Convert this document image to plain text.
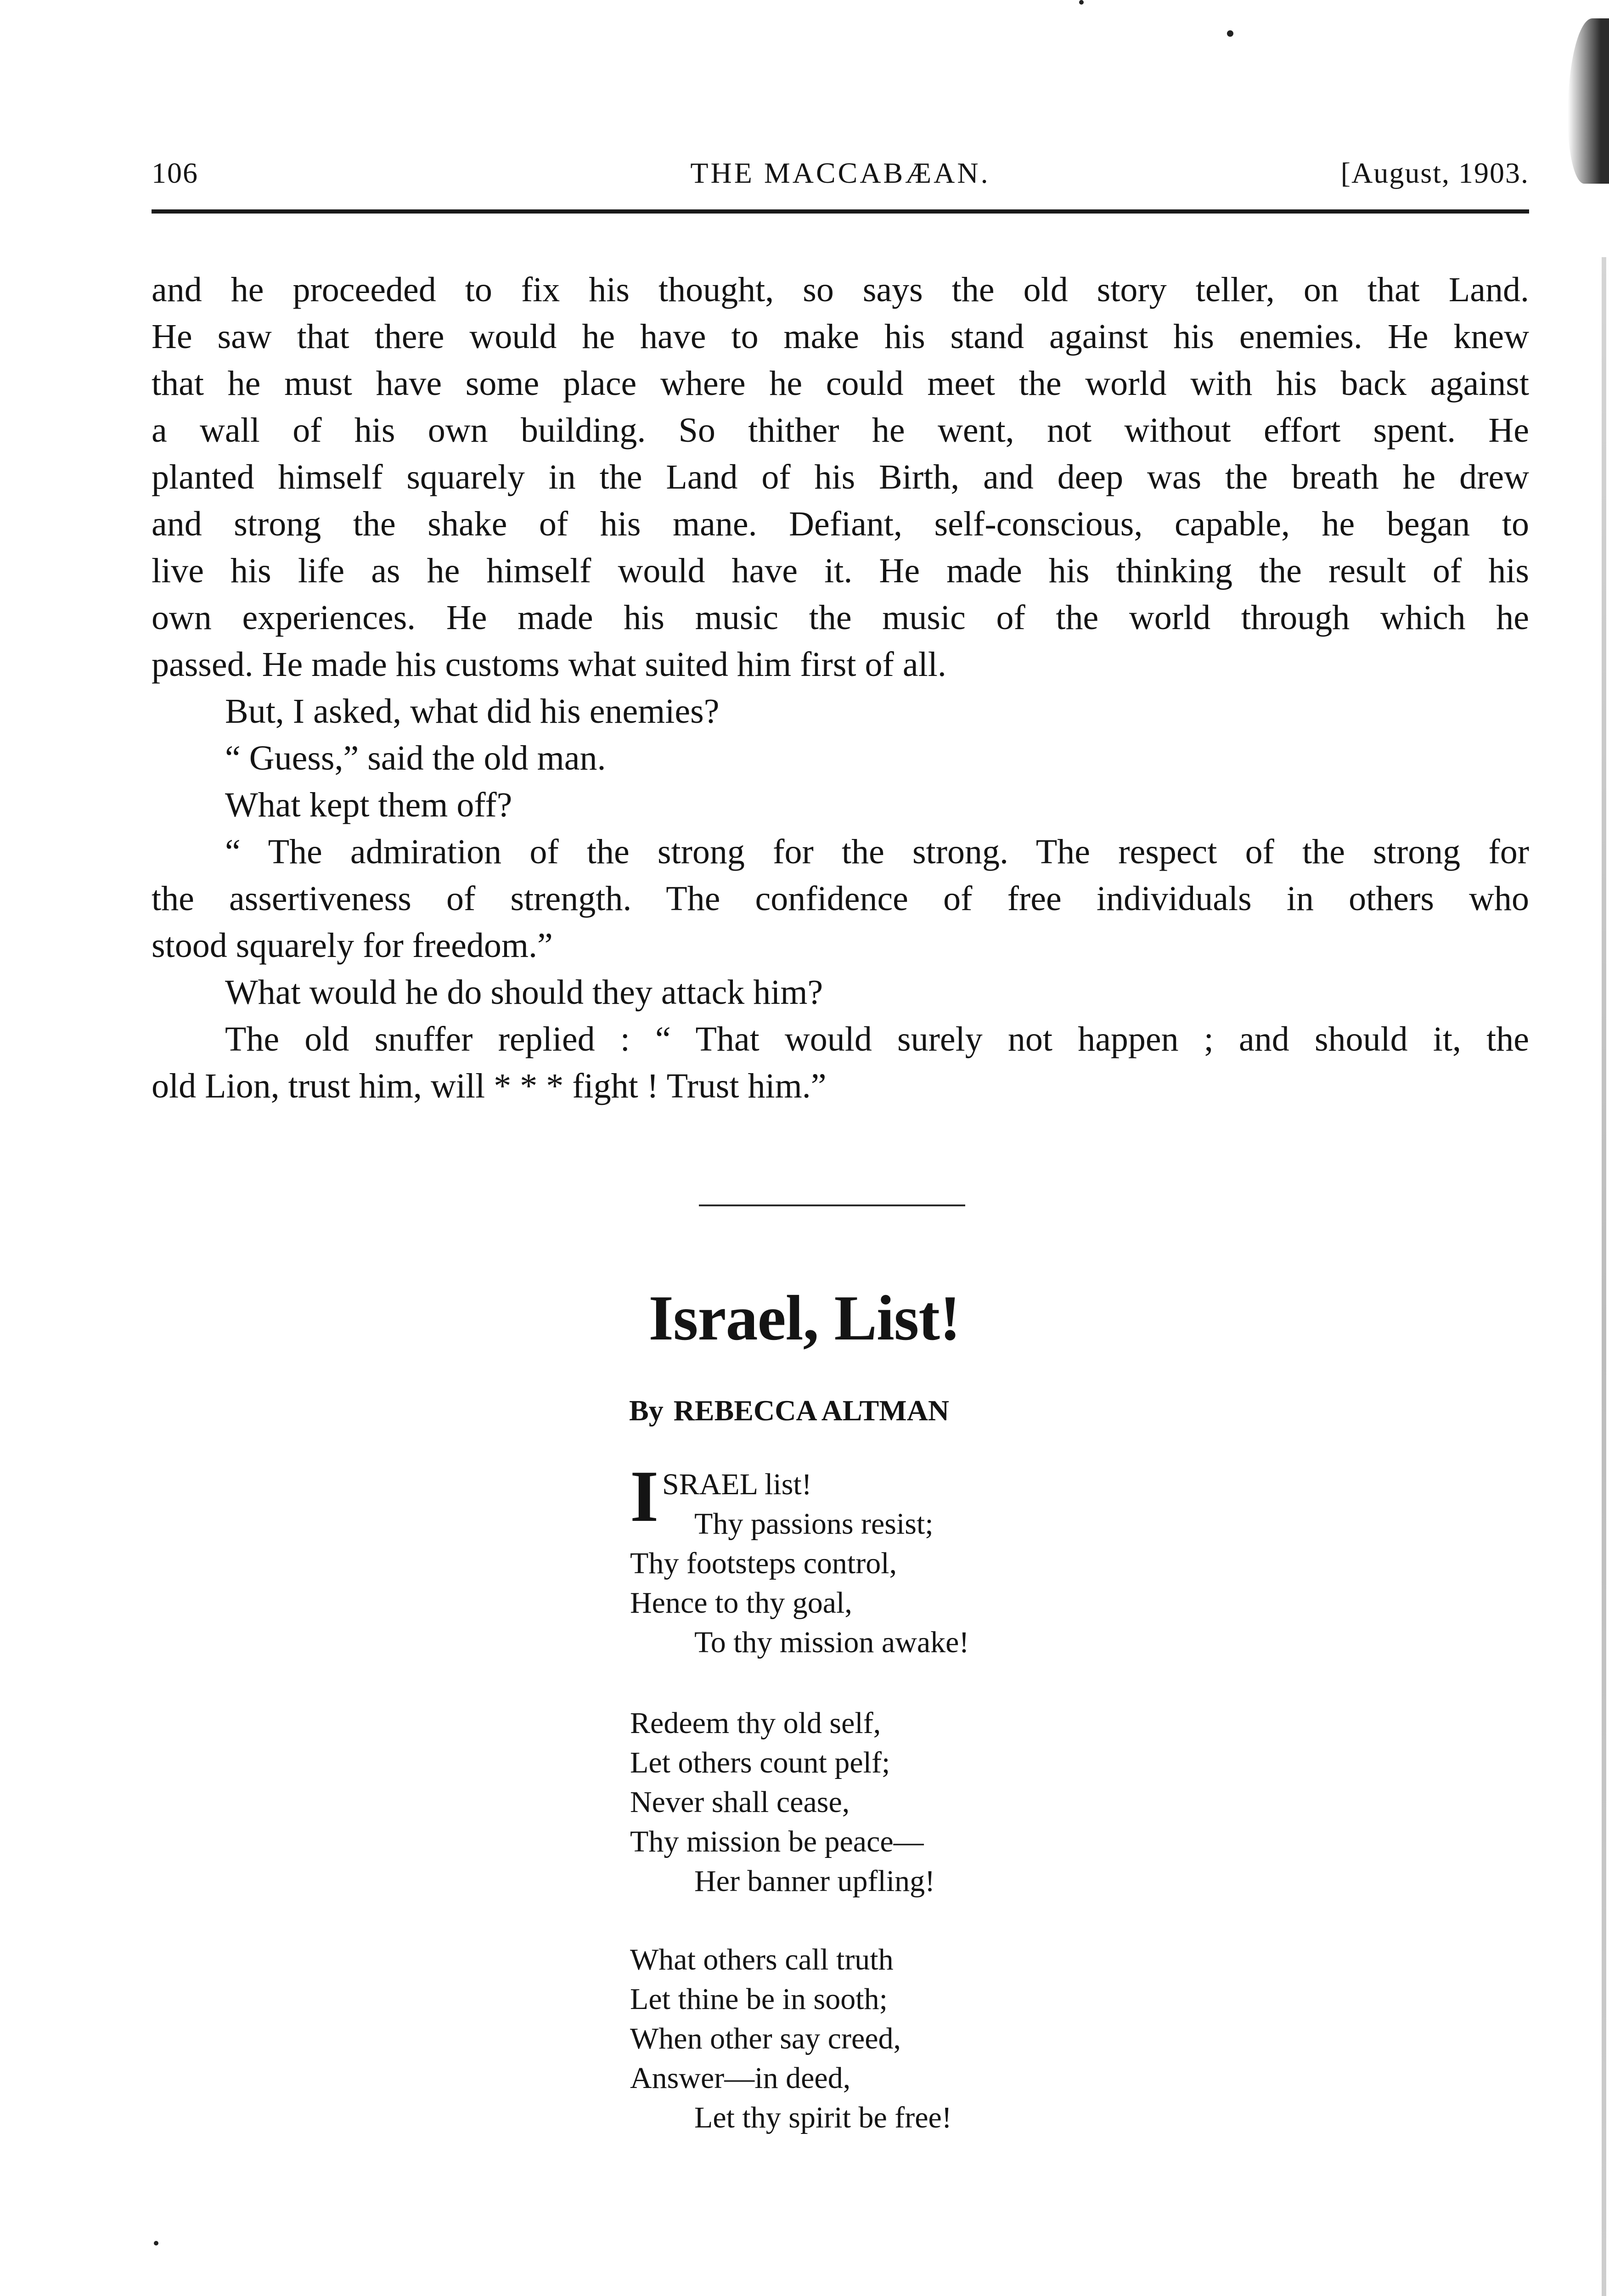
106	THE MACCABÆAN.	[August, 1903.

and he proceeded to fix his thought, so says the old story teller, on that Land.

He saw that there would he have to make his stand against his enemies. He knew

that he must have some place where he could meet the world with his back against

a wall of his own building. So thither he went, not without effort spent. He

planted himself squarely in the Land of his Birth, and deep was the breath he drew

and strong the shake of his mane. Defiant, self-conscious, capable, he began to

live his life as he himself would have it. He made his thinking the result of his

own experiences. He made his music the music of the world through which he

passed. He made his customs what suited him first of all.

But, I asked, what did his enemies?

“ Guess,” said the old man.

What kept them off?

“ The admiration of the strong for the strong. The respect of the strong for

the assertiveness of strength. The confidence of free individuals in others who

stood squarely for freedom.”

What would he do should they attack him?

The old snuffer replied : “ That would surely not happen ; and should it, the

old Lion, trust him, will * * * fight ! Trust him.”

Israel, List!
By REBECCA ALTMAN
I SRAEL list!
Thy passions resist;
Thy footsteps control,
Hence to thy goal,
To thy mission awake!
Redeem thy old self,
Let others count pelf;
Never shall cease,
Thy mission be peace—
Her banner upfling!
What others call truth
Let thine be in sooth;
When other say creed,
Answer—in deed,
Let thy spirit be free!
